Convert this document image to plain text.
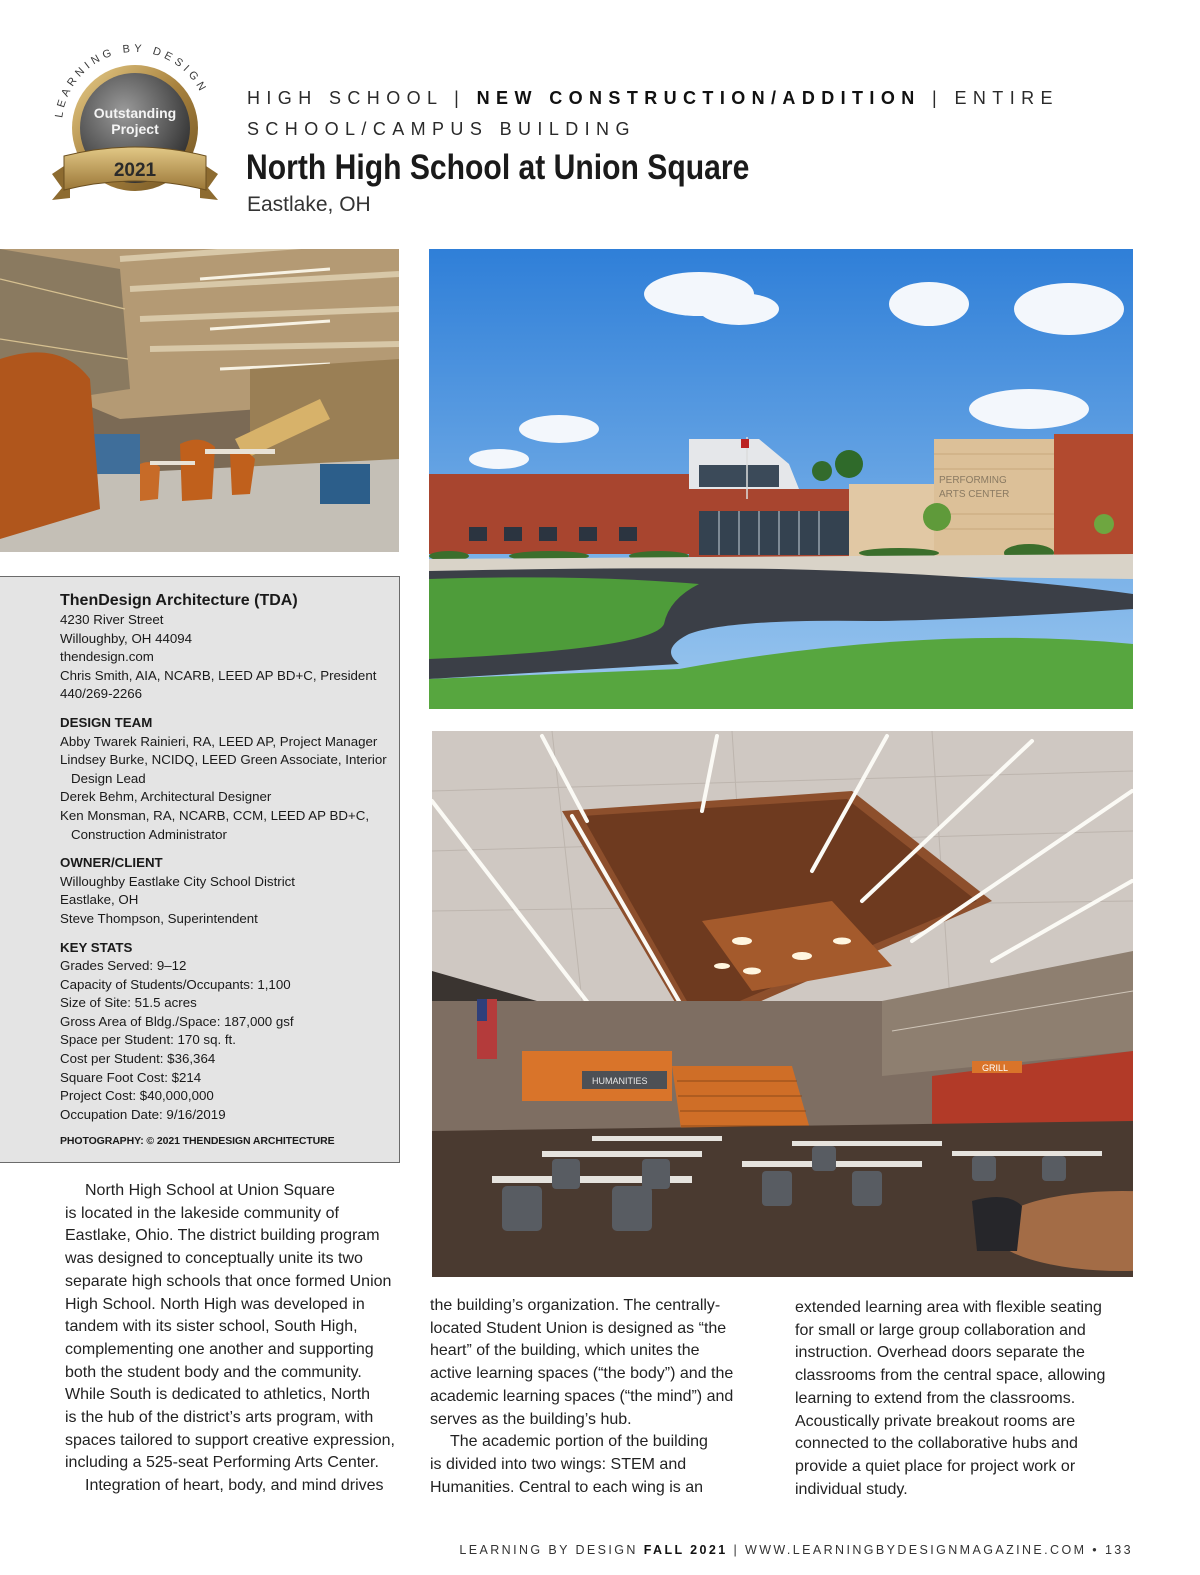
LEARNING BY DESIGN
Outstanding
Project
2021
HIGH SCHOOL | NEW CONSTRUCTION/ADDITION | ENTIRE
SCHOOL/CAMPUS BUILDING
North High School at Union Square
Eastlake, OH
PERFORMING
ARTS CENTER
HUMANITIES
GRILL
ThenDesign Architecture (TDA)
4230 River Street
Willoughby, OH 44094
thendesign.com
Chris Smith, AIA, NCARB, LEED AP BD+C, President
440/269-2266
DESIGN TEAM
Abby Twarek Rainieri, RA, LEED AP, Project Manager
Lindsey Burke, NCIDQ, LEED Green Associate, Interior
Design Lead
Derek Behm, Architectural Designer
Ken Monsman, RA, NCARB, CCM, LEED AP BD+C,
Construction Administrator
OWNER/CLIENT
Willoughby Eastlake City School District
Eastlake, OH
Steve Thompson, Superintendent
KEY STATS
Grades Served: 9–12
Capacity of Students/Occupants: 1,100
Size of Site: 51.5 acres
Gross Area of Bldg./Space: 187,000 gsf
Space per Student: 170 sq. ft.
Cost per Student: $36,364
Square Foot Cost: $214
Project Cost: $40,000,000
Occupation Date: 9/16/2019
PHOTOGRAPHY: © 2021 THENDESIGN ARCHITECTURE
North High School at Union Square
is located in the lakeside community of
Eastlake, Ohio. The district building program
was designed to conceptually unite its two
separate high schools that once formed Union
High School. North High was developed in
tandem with its sister school, South High,
complementing one another and supporting
both the student body and the community.
While South is dedicated to athletics, North
is the hub of the district’s arts program, with
spaces tailored to support creative expression,
including a 525-seat Performing Arts Center.
Integration of heart, body, and mind drives
the building’s organization. The centrally-
located Student Union is designed as “the
heart” of the building, which unites the
active learning spaces (“the body”) and the
academic learning spaces (“the mind”) and
serves as the building’s hub.
The academic portion of the building
is divided into two wings: STEM and
Humanities. Central to each wing is an
extended learning area with flexible seating
for small or large group collaboration and
instruction. Overhead doors separate the
classrooms from the central space, allowing
learning to extend from the classrooms.
Acoustically private breakout rooms are
connected to the collaborative hubs and
provide a quiet place for project work or
individual study.
LEARNING BY DESIGN FALL 2021 | WWW.LEARNINGBYDESIGNMAGAZINE.COM • 133
